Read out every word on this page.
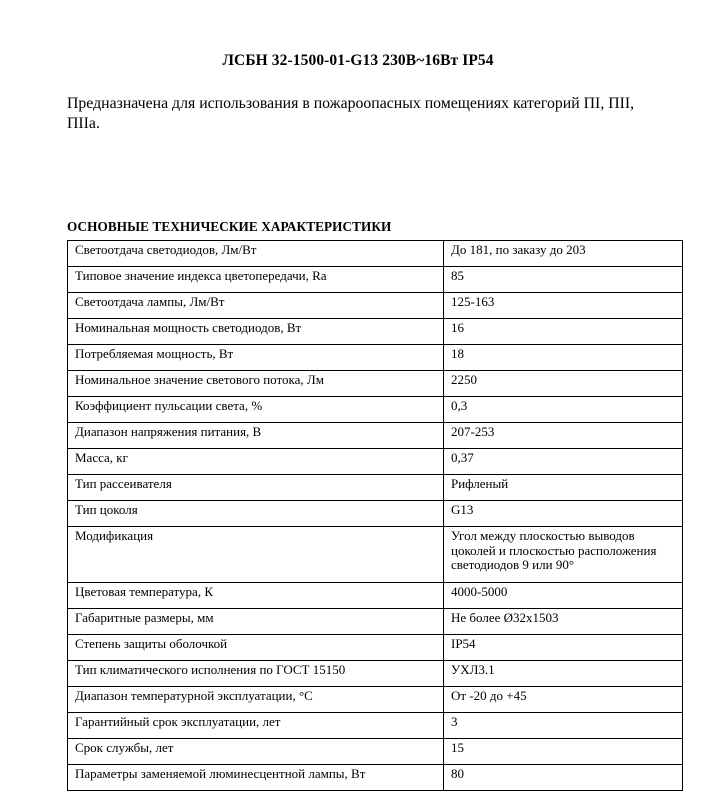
ЛСБН 32-1500-01-G13 230В~16Вт IP54
Предназначена для использования в пожароопасных помещениях категорий ПI, ПII, ПIIа.
ОСНОВНЫЕ ТЕХНИЧЕСКИЕ ХАРАКТЕРИСТИКИ
Светоотдача светодиодов, Лм/Вт	До 181, по заказу до 203
Типовое значение индекса цветопередачи, Ra	85
Светоотдача лампы, Лм/Вт	125-163
Номинальная мощность светодиодов, Вт	16
Потребляемая мощность, Вт	18
Номинальное значение светового потока, Лм	2250
Коэффициент пульсации света, %	0,3
Диапазон напряжения питания, В	207-253
Масса, кг	0,37
Тип рассеивателя	Рифленый
Тип цоколя	G13
Модификация	Угол между плоскостью выводов цоколей и плоскостью расположения светодиодов 9 или 90°
Цветовая температура, К	4000-5000
Габаритные размеры, мм	Не более Ø32х1503
Степень защиты оболочкой	IP54
Тип климатического исполнения по ГОСТ 15150	УХЛ3.1
Диапазон температурной эксплуатации, °С	От -20 до +45
Гарантийный срок эксплуатации, лет	3
Срок службы, лет	15
Параметры заменяемой люминесцентной лампы, Вт	80
